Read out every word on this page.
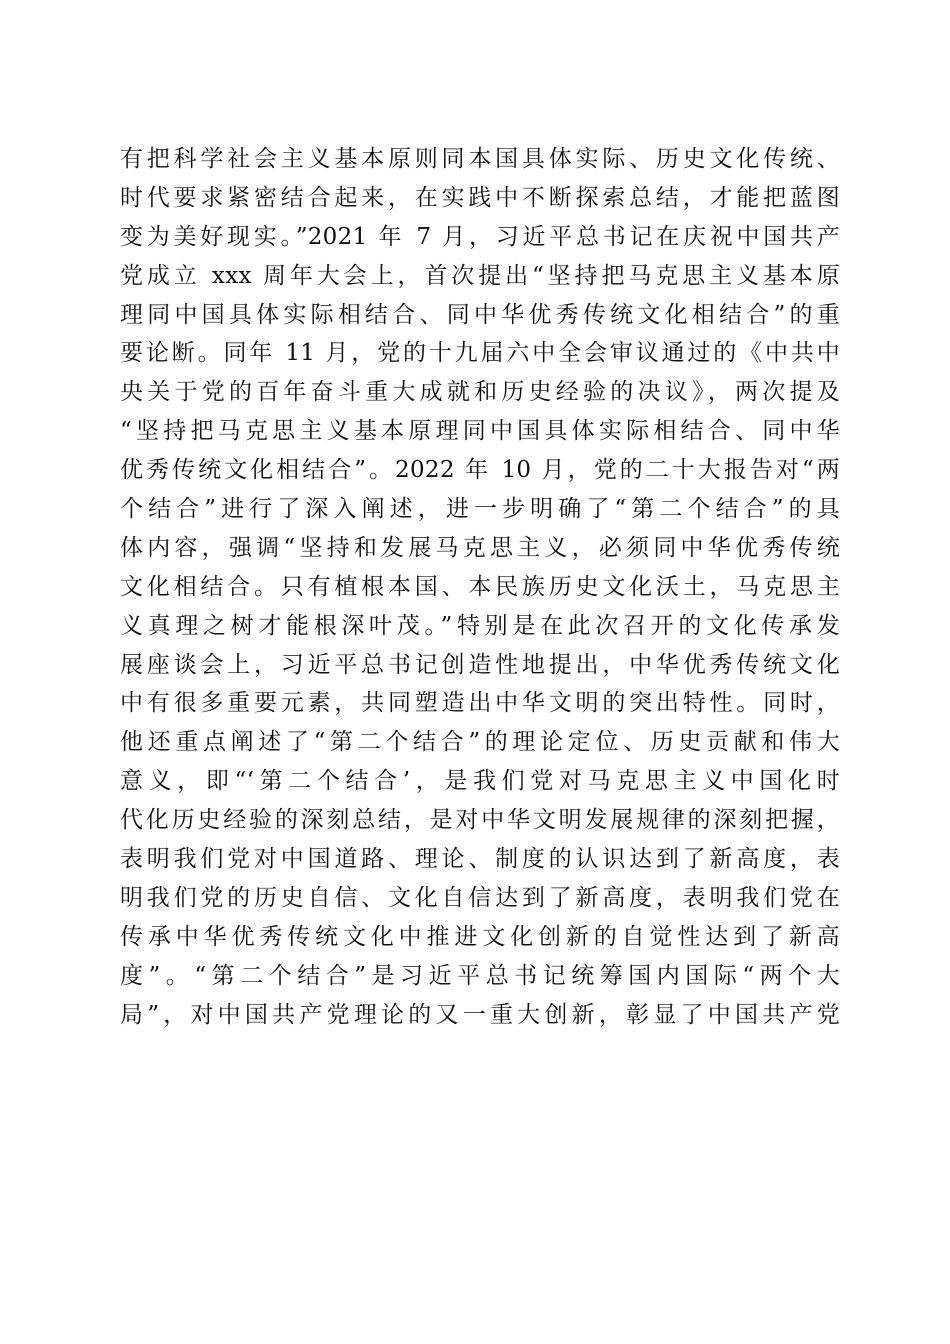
有把科学社会主义基本原则同本国具体实际、历史文化传统、
时代要求紧密结合起来，在实践中不断探索总结，才能把蓝图
变为美好现实。”2021 年 7 月，习近平总书记在庆祝中国共产
党成立 xxx 周年大会上，首次提出“坚持把马克思主义基本原
理同中国具体实际相结合、同中华优秀传统文化相结合”的重
要论断。同年 11 月，党的十九届六中全会审议通过的《中共中
央关于党的百年奋斗重大成就和历史经验的决议》，两次提及
“坚持把马克思主义基本原理同中国具体实际相结合、同中华
优秀传统文化相结合”。2022 年 10 月，党的二十大报告对“两
个结合”进行了深入阐述，进一步明确了“第二个结合”的具
体内容，强调“坚持和发展马克思主义，必须同中华优秀传统
文化相结合。只有植根本国、本民族历史文化沃土，马克思主
义真理之树才能根深叶茂。”特别是在此次召开的文化传承发
展座谈会上，习近平总书记创造性地提出，中华优秀传统文化
中有很多重要元素，共同塑造出中华文明的突出特性。同时，
他还重点阐述了“第二个结合”的理论定位、历史贡献和伟大
意义，即“‘第二个结合’，是我们党对马克思主义中国化时
代化历史经验的深刻总结，是对中华文明发展规律的深刻把握，
表明我们党对中国道路、理论、制度的认识达到了新高度，表
明我们党的历史自信、文化自信达到了新高度，表明我们党在
传承中华优秀传统文化中推进文化创新的自觉性达到了新高
度”。“第二个结合”是习近平总书记统筹国内国际“两个大
局”，对中国共产党理论的又一重大创新，彰显了中国共产党
